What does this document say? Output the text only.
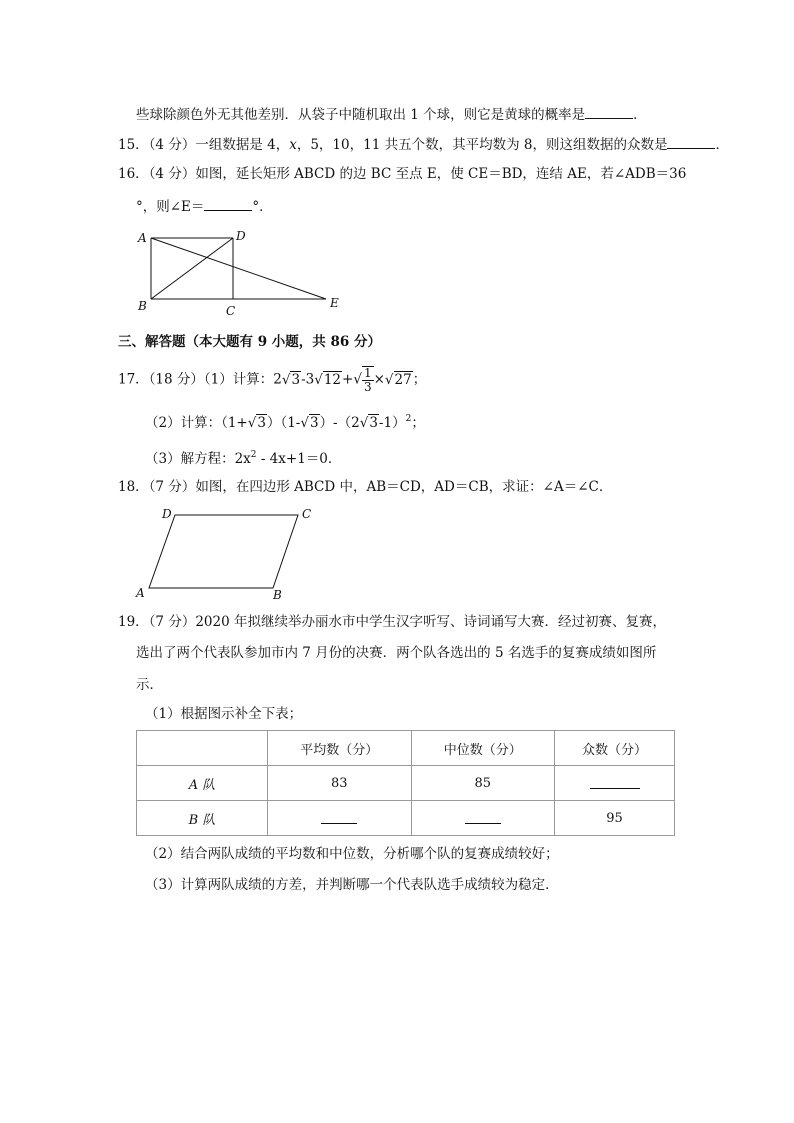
些球除颜色外无其他差别．从袋子中随机取出 1 个球，则它是黄球的概率是	．
15．（4 分）一组数据是 4，x，5，10，11 共五个数，其平均数为 8，则这组数据的众数是	．
16．（4 分）如图，延长矩形 ABCD 的边 BC 至点 E，使 CE＝BD，连结 AE，若∠ADB＝36
°，则∠E＝	°．
A	D
B	C
E
三、解答题（本大题有 9 小题，共 86 分）
17．（18 分）（1）计算：$2√3-3√12+√ \frac{1}{3} \times√27$；
（2）计算：$(1+√3)(1-√3)-(2√3-1)^2$；
（3）解方程：$2x^2 - 4x+1=0$．
18．（7 分）如图，在四边形 ABCD 中，AB＝CD，AD＝CB，求证：∠A＝∠C．
D	C
A	B
19．（7 分）2020 年拟继续举办丽水市中学生汉字听写、诗词诵写大赛．经过初赛、复赛，
选出了两个代表队参加市内 7 月份的决赛．两个队各选出的 5 名选手的复赛成绩如图所
示．
（1）根据图示补全下表；
	平均数（分）	中位数（分）	众数（分）
A 队	83	85	
B 队			95
（2）结合两队成绩的平均数和中位数，分析哪个队的复赛成绩较好；
（3）计算两队成绩的方差，并判断哪一个代表队选手成绩较为稳定．
